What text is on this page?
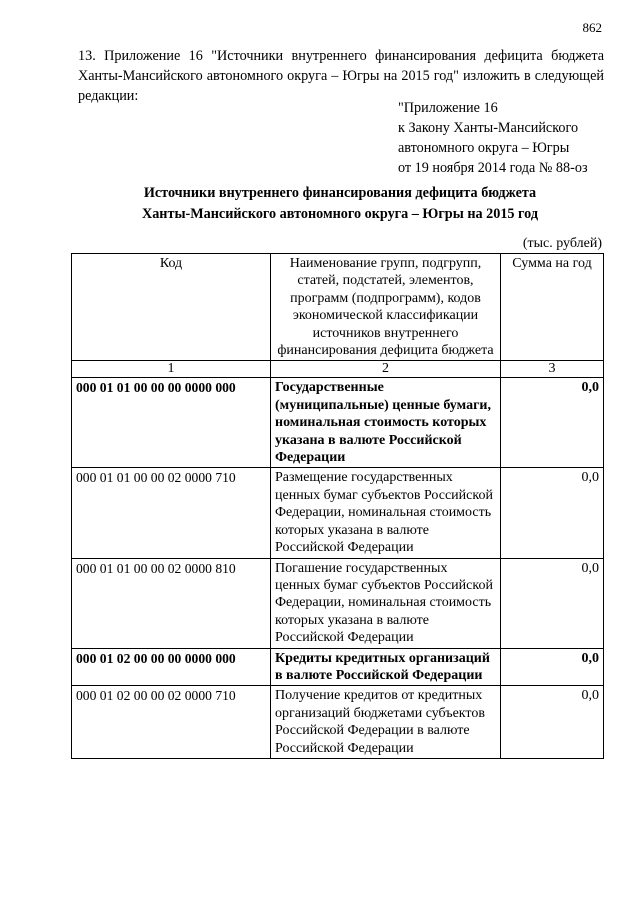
862
13. Приложение 16 "Источники внутреннего финансирования дефицита бюджета Ханты-Мансийского автономного округа – Югры на 2015 год" изложить в следующей редакции:
"Приложение 16
к Закону Ханты-Мансийского
автономного округа – Югры
от 19 ноября 2014 года № 88-оз
Источники внутреннего финансирования дефицита бюджета
Ханты-Мансийского автономного округа – Югры на 2015 год
(тыс. рублей)
Код	Наименование групп, подгрупп, статей, подстатей, элементов, программ (подпрограмм), кодов экономической классификации источников внутреннего финансирования дефицита бюджета	Сумма на год
1	2	3
000 01 01 00 00 00 0000 000	Государственные (муниципальные) ценные бумаги, номинальная стоимость которых указана в валюте Российской Федерации	0,0
000 01 01 00 00 02 0000 710	Размещение государственных ценных бумаг субъектов Российской Федерации, номинальная стоимость которых указана в валюте Российской Федерации	0,0
000 01 01 00 00 02 0000 810	Погашение государственных ценных бумаг субъектов Российской Федерации, номинальная стоимость которых указана в валюте Российской Федерации	0,0
000 01 02 00 00 00 0000 000	Кредиты кредитных организаций в валюте Российской Федерации	0,0
000 01 02 00 00 02 0000 710	Получение кредитов от кредитных организаций бюджетами субъектов Российской Федерации в валюте Российской Федерации	0,0
